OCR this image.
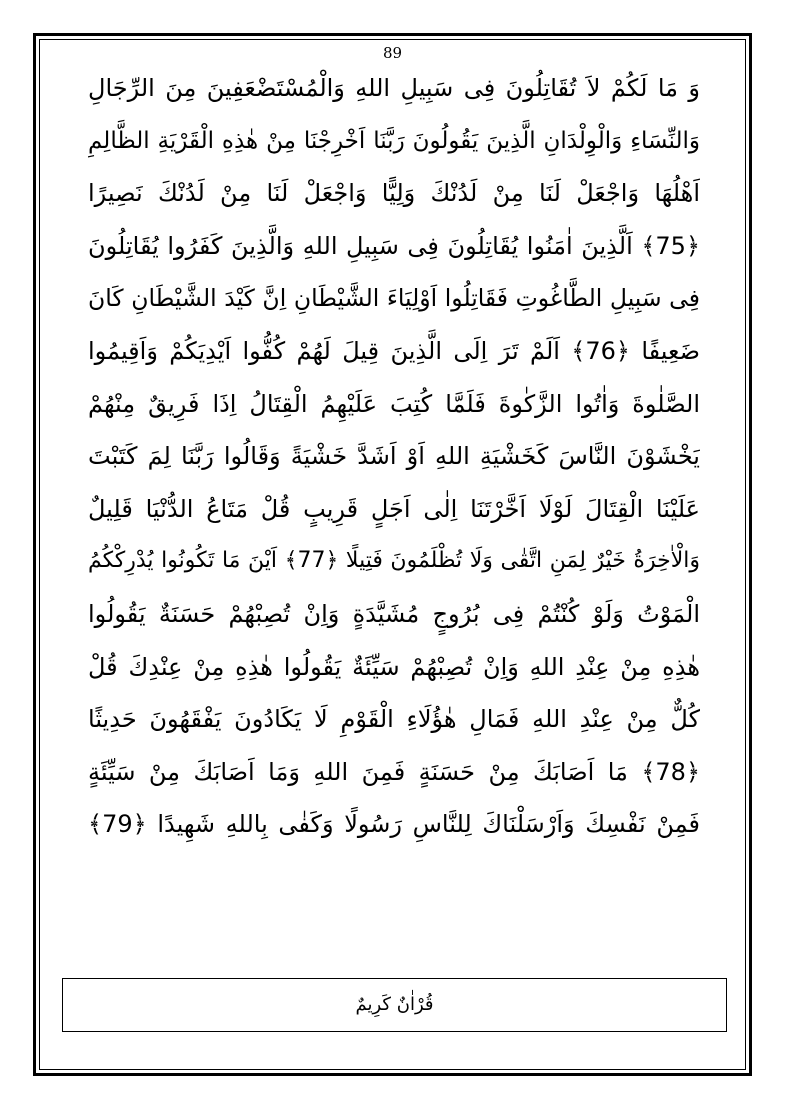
89
وَ مَا لَكُمْ لاَ تُقَاتِلُونَ فِى سَبِيلِ اللهِ وَالْمُسْتَضْعَفِينَ مِنَ الرِّجَالِ
وَالنِّسَاءِ وَالْوِلْدَانِ الَّذِينَ يَقُولُونَ رَبَّنَا اَخْرِجْنَا مِنْ هٰذِهِ الْقَرْيَةِ الظَّالِمِ
اَهْلُهَا وَاجْعَلْ لَنَا مِنْ لَدُنْكَ وَلِيًّا وَاجْعَلْ لَنَا مِنْ لَدُنْكَ نَصِيرًا
﴿75﴾ اَلَّذِينَ اٰمَنُوا يُقَاتِلُونَ فِى سَبِيلِ اللهِ وَالَّذِينَ كَفَرُوا يُقَاتِلُونَ
فِى سَبِيلِ الطَّاغُوتِ فَقَاتِلُوا اَوْلِيَاءَ الشَّيْطَانِ اِنَّ كَيْدَ الشَّيْطَانِ كَانَ
ضَعِيفًا ﴿76﴾ اَلَمْ تَرَ اِلَى الَّذِينَ قِيلَ لَهُمْ كُفُّوا اَيْدِيَكُمْ وَاَقِيمُوا
الصَّلٰوةَ وَاٰتُوا الزَّكٰوةَ فَلَمَّا كُتِبَ عَلَيْهِمُ الْقِتَالُ اِذَا فَرِيقٌ مِنْهُمْ
يَخْشَوْنَ النَّاسَ كَخَشْيَةِ اللهِ اَوْ اَشَدَّ خَشْيَةً وَقَالُوا رَبَّنَا لِمَ كَتَبْتَ
عَلَيْنَا الْقِتَالَ لَوْلَا اَخَّرْتَنَا اِلٰى اَجَلٍ قَرِيبٍ قُلْ مَتَاعُ الدُّنْيَا قَلِيلٌ
وَالْاٰخِرَةُ خَيْرٌ لِمَنِ اتَّقٰى وَلَا تُظْلَمُونَ فَتِيلًا ﴿77﴾ اَيْنَ مَا تَكُونُوا يُدْرِكْكُمُ
الْمَوْتُ وَلَوْ كُنْتُمْ فِى بُرُوجٍ مُشَيَّدَةٍ وَاِنْ تُصِبْهُمْ حَسَنَةٌ يَقُولُوا
هٰذِهِ مِنْ عِنْدِ اللهِ وَاِنْ تُصِبْهُمْ سَيِّئَةٌ يَقُولُوا هٰذِهِ مِنْ عِنْدِكَ قُلْ
كُلٌّ مِنْ عِنْدِ اللهِ فَمَالِ هٰؤُلَاءِ الْقَوْمِ لَا يَكَادُونَ يَفْقَهُونَ حَدِيثًا
﴿78﴾ مَا اَصَابَكَ مِنْ حَسَنَةٍ فَمِنَ اللهِ وَمَا اَصَابَكَ مِنْ سَيِّئَةٍ
فَمِنْ نَفْسِكَ وَاَرْسَلْنَاكَ لِلنَّاسِ رَسُولًا وَكَفٰى بِاللهِ شَهِيدًا ﴿79﴾
قُرْاٰنٌ كَرِيمٌ
